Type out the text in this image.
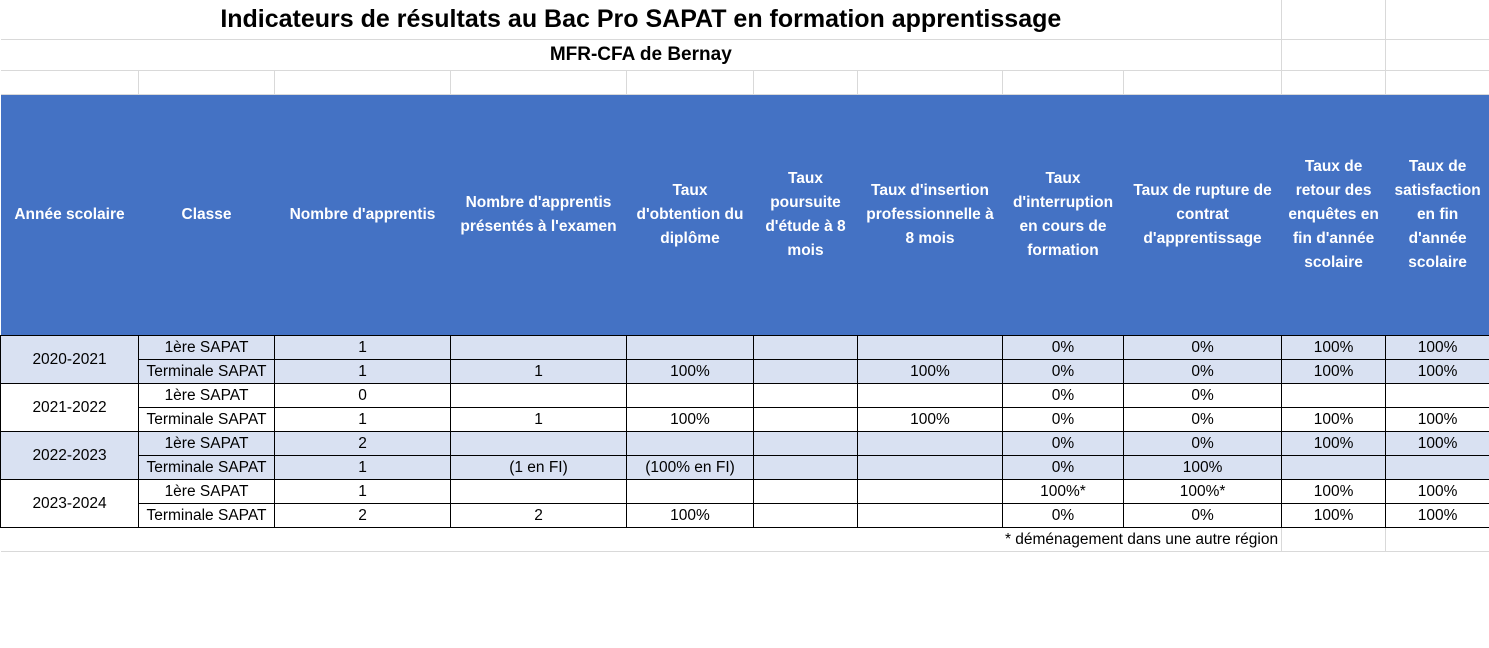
Indicateurs de résultats au Bac Pro SAPAT en formation apprentissage										
MFR-CFA de Bernay										

Année scolaire	Classe	Nombre d'apprentis	Nombre d'apprentis présentés à l'examen	Taux d'obtention du diplôme	Taux poursuite d'étude à 8 mois	Taux d'insertion professionnelle à 8 mois	Taux d'interruption en cours de formation	Taux de rupture de contrat d'apprentissage	Taux de retour des enquêtes en fin d'année scolaire	Taux de satisfaction en fin d'année scolaire
2020-2021	1ère SAPAT	1					0%	0%	100%	100%
	Terminale SAPAT	1	1	100%		100%	0%	0%	100%	100%
2021-2022	1ère SAPAT	0					0%	0%		
	Terminale SAPAT	1	1	100%		100%	0%	0%	100%	100%
2022-2023	1ère SAPAT	2					0%	0%	100%	100%
	Terminale SAPAT	1	(1 en FI)	(100% en FI)			0%	100%		
2023-2024	1ère SAPAT	1					100%*	100%*	100%	100%
	Terminale SAPAT	2	2	100%			0%	0%	100%	100%
* déménagement dans une autre région										
